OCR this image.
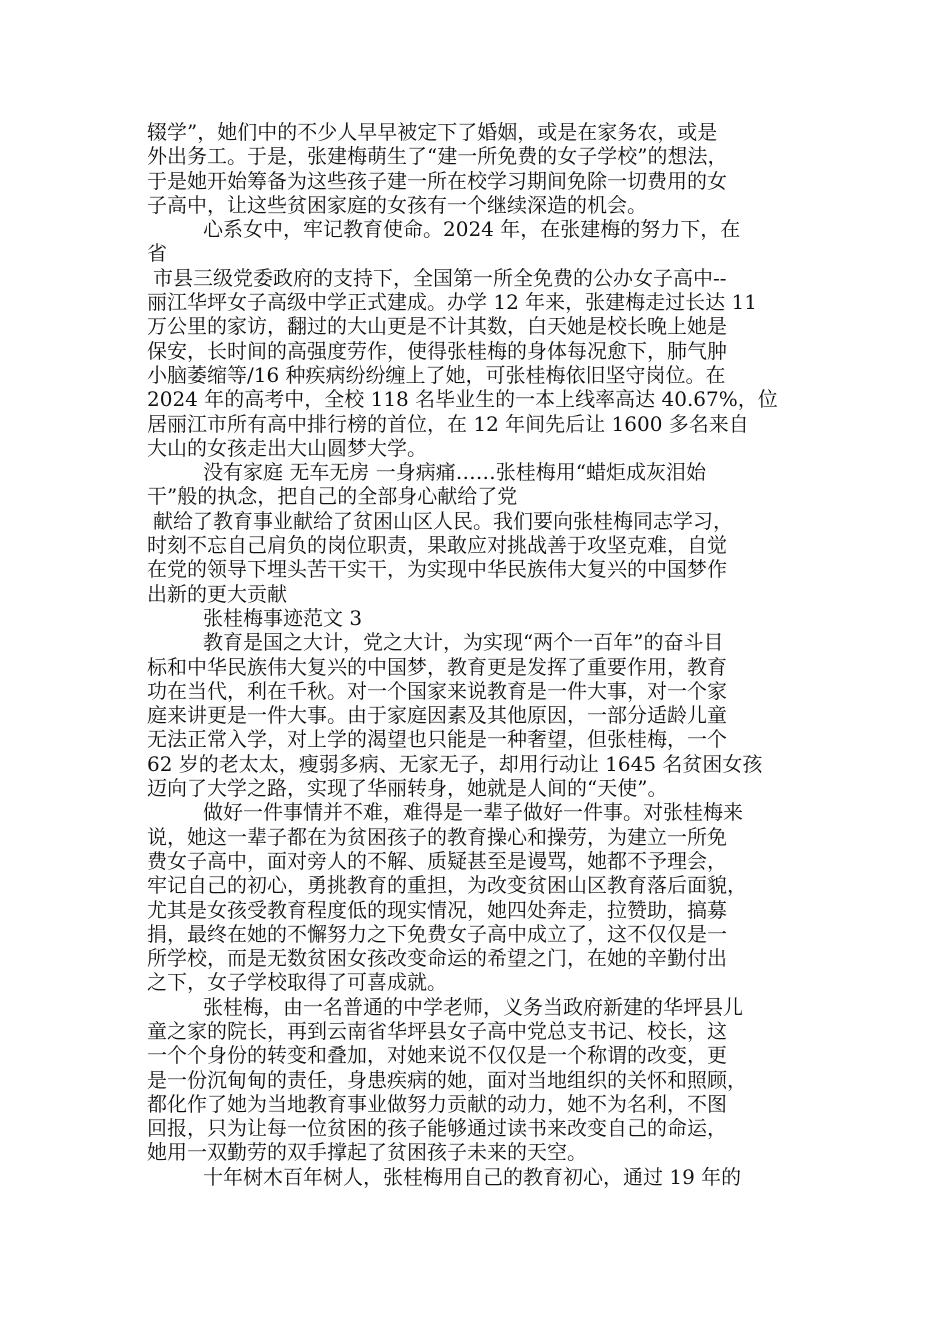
辍学”，她们中的不少人早早被定下了婚姻，或是在家务农，或是
外出务工。于是，张建梅萌生了“建一所免费的女子学校”的想法，
于是她开始筹备为这些孩子建一所在校学习期间免除一切费用的女
子高中，让这些贫困家庭的女孩有一个继续深造的机会。
心系女中，牢记教育使命。2024 年，在张建梅的努力下，在
省
市县三级党委政府的支持下，全国第一所全免费的公办女子高中--
丽江华坪女子高级中学正式建成。办学 12 年来，张建梅走过长达 11
万公里的家访，翻过的大山更是不计其数，白天她是校长晚上她是
保安，长时间的高强度劳作，使得张桂梅的身体每况愈下，肺气肿
小脑萎缩等/16 种疾病纷纷缠上了她，可张桂梅依旧坚守岗位。在
2024 年的高考中，全校 118 名毕业生的一本上线率高达 40.67%，位
居丽江市所有高中排行榜的首位，在 12 年间先后让 1600 多名来自
大山的女孩走出大山圆梦大学。
没有家庭 无车无房 一身病痛……张桂梅用“蜡炬成灰泪始
干”般的执念，把自己的全部身心献给了党
献给了教育事业献给了贫困山区人民。我们要向张桂梅同志学习，
时刻不忘自己肩负的岗位职责，果敢应对挑战善于攻坚克难，自觉
在党的领导下埋头苦干实干，为实现中华民族伟大复兴的中国梦作
出新的更大贡献
张桂梅事迹范文 3
教育是国之大计，党之大计，为实现“两个一百年”的奋斗目
标和中华民族伟大复兴的中国梦，教育更是发挥了重要作用，教育
功在当代，利在千秋。对一个国家来说教育是一件大事，对一个家
庭来讲更是一件大事。由于家庭因素及其他原因，一部分适龄儿童
无法正常入学，对上学的渴望也只能是一种奢望，但张桂梅，一个
62 岁的老太太，瘦弱多病、无家无子，却用行动让 1645 名贫困女孩
迈向了大学之路，实现了华丽转身，她就是人间的“天使”。
做好一件事情并不难，难得是一辈子做好一件事。对张桂梅来
说，她这一辈子都在为贫困孩子的教育操心和操劳，为建立一所免
费女子高中，面对旁人的不解、质疑甚至是谩骂，她都不予理会，
牢记自己的初心，勇挑教育的重担，为改变贫困山区教育落后面貌，
尤其是女孩受教育程度低的现实情况，她四处奔走，拉赞助，搞募
捐，最终在她的不懈努力之下免费女子高中成立了，这不仅仅是一
所学校，而是无数贫困女孩改变命运的希望之门，在她的辛勤付出
之下，女子学校取得了可喜成就。
张桂梅，由一名普通的中学老师，义务当政府新建的华坪县儿
童之家的院长，再到云南省华坪县女子高中党总支书记、校长，这
一个个身份的转变和叠加，对她来说不仅仅是一个称谓的改变，更
是一份沉甸甸的责任，身患疾病的她，面对当地组织的关怀和照顾，
都化作了她为当地教育事业做努力贡献的动力，她不为名利，不图
回报，只为让每一位贫困的孩子能够通过读书来改变自己的命运，
她用一双勤劳的双手撑起了贫困孩子未来的天空。
十年树木百年树人，张桂梅用自己的教育初心，通过 19 年的
